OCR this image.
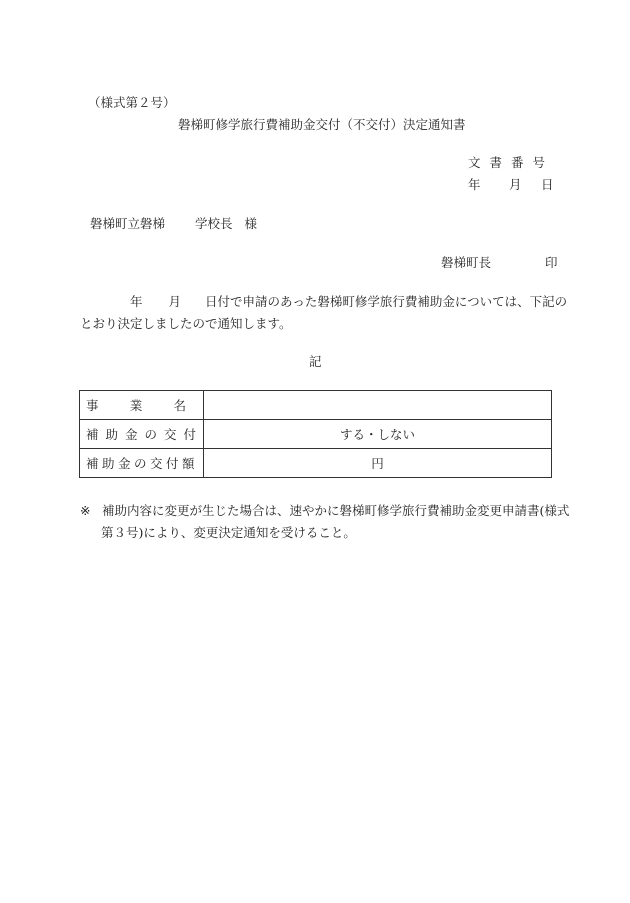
（様式第２号）
磐梯町修学旅行費補助金交付（不交付）決定通知書
文書番号
年 月 日
磐梯町立磐梯 学校長 様
磐梯町長	印
年 月 日付で申請のあった磐梯町修学旅行費補助金については、下記の
とおり決定しましたので通知します。
記
事 業 名	

補助金の交付	する・しない
補助金の交付額	円
※ 補助内容に変更が生じた場合は、速やかに磐梯町修学旅行費補助金変更申請書(様式
第３号)により、変更決定通知を受けること。
